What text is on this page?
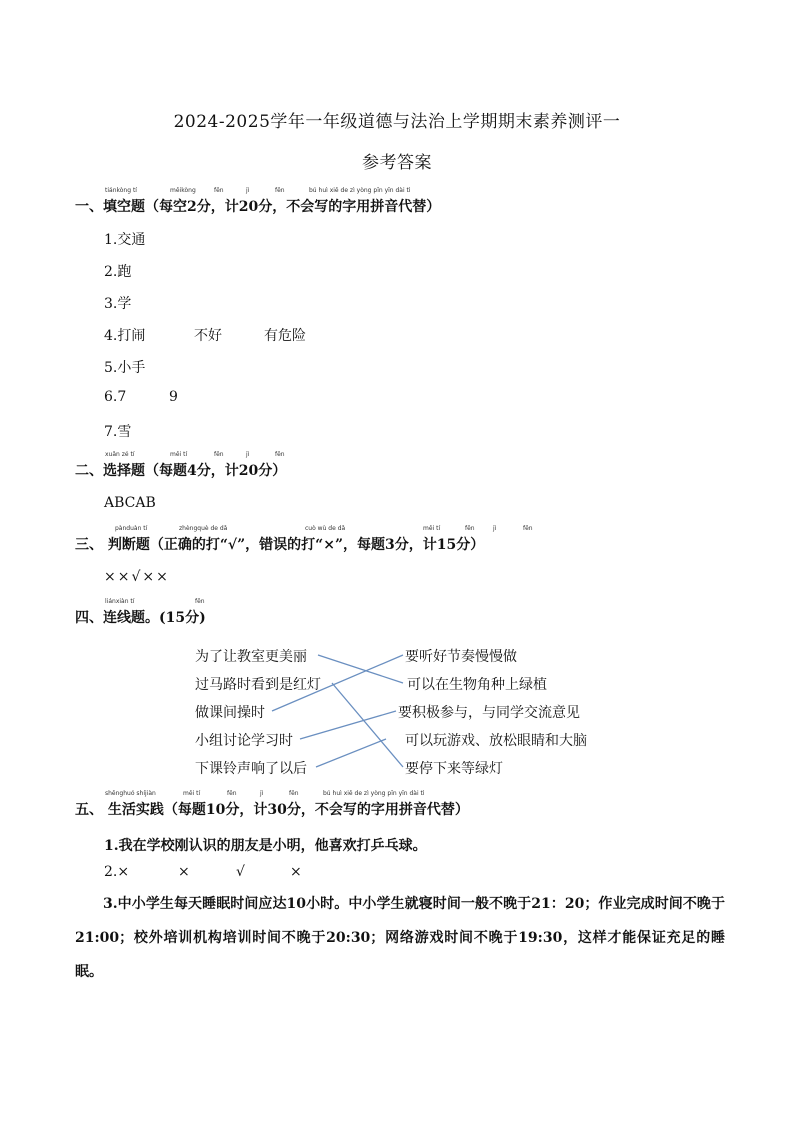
2024-2025学年一年级道德与法治上学期期末素养测评一
参考答案
tiánkòng tí	měikòng	fēn	jì	fēn	bú huì xiě de zì yòng pīn yīn dài tì
一、填空题（每空2分，计20分，不会写的字用拼音代替）
1.交通
2.跑
3.学
4.打闹	不好	有危险
5.小手
6.7	9
7.雪
xuǎn zé tí	měi tí	fēn	jì	fēn
二、选择题（每题4分，计20分）
ABCAB
pànduàn tí	zhèngquè de dǎ	cuò wù de dǎ	měi tí	fēn	jì	fēn
三、 判断题（正确的打“√”，错误的打“×”，每题3分，计15分）
××√××
liánxiàn tí	fēn
四、连线题。(15分)
为了让教室更美丽
过马路时看到是红灯
做课间操时
小组讨论学习时
下课铃声响了以后
要听好节奏慢慢做
可以在生物角种上绿植
要积极参与，与同学交流意见
可以玩游戏、放松眼睛和大脑
要停下来等绿灯
shēnghuó shíjiàn	měi tí	fēn	jì	fēn	bú huì xiě de zì yòng pīn yīn dài tì
五、 生活实践（每题10分，计30分，不会写的字用拼音代替）
1.我在学校刚认识的朋友是小明，他喜欢打乒乓球。
2.×	×	√	×
3.中小学生每天睡眠时间应达10小时。中小学生就寝时间一般不晚于21：20；作业完成时间不晚于21:00；校外培训机构培训时间不晚于20:30；网络游戏时间不晚于19:30，这样才能保证充足的睡眠。
